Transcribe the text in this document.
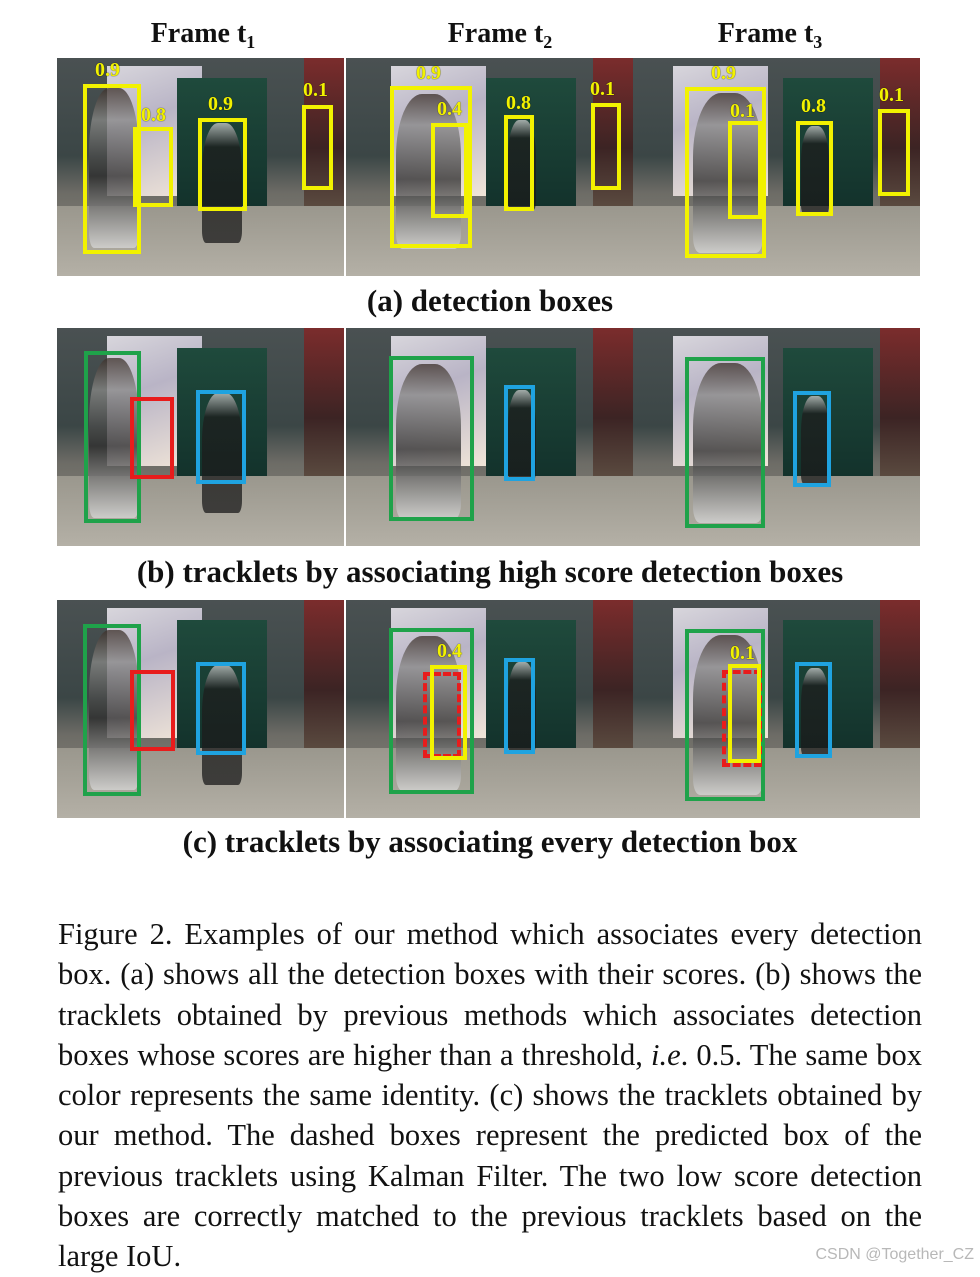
Frame $t_1$	Frame $t_2$	Frame $t_3$
0.9
0.8 0.9
0.1
0.9
0.4 0.8
0.1
0.9
0.1 0.8	0.1
(a) detection boxes
(b) tracklets by associating high score detection boxes
0.4	0.1
(c) tracklets by associating every detection box

Figure 2. Examples of our method which associates every detection box. (a) shows all the detection boxes with their scores. (b) shows the tracklets obtained by previous methods which associates detection boxes whose scores are higher than a threshold, i.e. 0.5. The same box color represents the same identity. (c) shows the tracklets obtained by our method. The dashed boxes represent the predicted box of the previous tracklets using Kalman Filter. The two low score detection boxes are correctly matched to the previous tracklets based on the large IoU.	CSDN @Together_CZ
